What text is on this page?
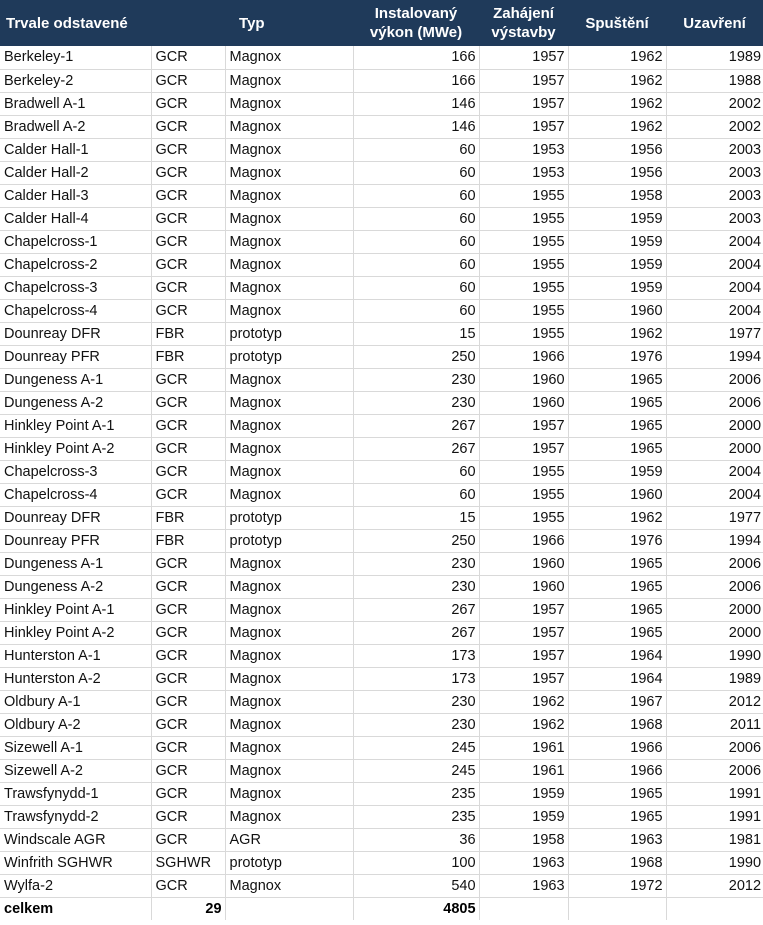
Trvale odstavené		Typ	Instalovaný výkon (MWe)	Zahájení výstavby	Spuštění	Uzavření
Berkeley-1	GCR	Magnox	166	1957	1962	1989
Berkeley-2	GCR	Magnox	166	1957	1962	1988
Bradwell A-1	GCR	Magnox	146	1957	1962	2002
Bradwell A-2	GCR	Magnox	146	1957	1962	2002
Calder Hall-1	GCR	Magnox	60	1953	1956	2003
Calder Hall-2	GCR	Magnox	60	1953	1956	2003
Calder Hall-3	GCR	Magnox	60	1955	1958	2003
Calder Hall-4	GCR	Magnox	60	1955	1959	2003
Chapelcross-1	GCR	Magnox	60	1955	1959	2004
Chapelcross-2	GCR	Magnox	60	1955	1959	2004
Chapelcross-3	GCR	Magnox	60	1955	1959	2004
Chapelcross-4	GCR	Magnox	60	1955	1960	2004
Dounreay DFR	FBR	prototyp	15	1955	1962	1977
Dounreay PFR	FBR	prototyp	250	1966	1976	1994
Dungeness A-1	GCR	Magnox	230	1960	1965	2006
Dungeness A-2	GCR	Magnox	230	1960	1965	2006
Hinkley Point A-1	GCR	Magnox	267	1957	1965	2000
Hinkley Point A-2	GCR	Magnox	267	1957	1965	2000
Chapelcross-3	GCR	Magnox	60	1955	1959	2004
Chapelcross-4	GCR	Magnox	60	1955	1960	2004
Dounreay DFR	FBR	prototyp	15	1955	1962	1977
Dounreay PFR	FBR	prototyp	250	1966	1976	1994
Dungeness A-1	GCR	Magnox	230	1960	1965	2006
Dungeness A-2	GCR	Magnox	230	1960	1965	2006
Hinkley Point A-1	GCR	Magnox	267	1957	1965	2000
Hinkley Point A-2	GCR	Magnox	267	1957	1965	2000
Hunterston A-1	GCR	Magnox	173	1957	1964	1990
Hunterston A-2	GCR	Magnox	173	1957	1964	1989
Oldbury A-1	GCR	Magnox	230	1962	1967	2012
Oldbury A-2	GCR	Magnox	230	1962	1968	2011
Sizewell A-1	GCR	Magnox	245	1961	1966	2006
Sizewell A-2	GCR	Magnox	245	1961	1966	2006
Trawsfynydd-1	GCR	Magnox	235	1959	1965	1991
Trawsfynydd-2	GCR	Magnox	235	1959	1965	1991
Windscale AGR	GCR	AGR	36	1958	1963	1981
Winfrith SGHWR	SGHWR	prototyp	100	1963	1968	1990
Wylfa-2	GCR	Magnox	540	1963	1972	2012
celkem	29		4805			
